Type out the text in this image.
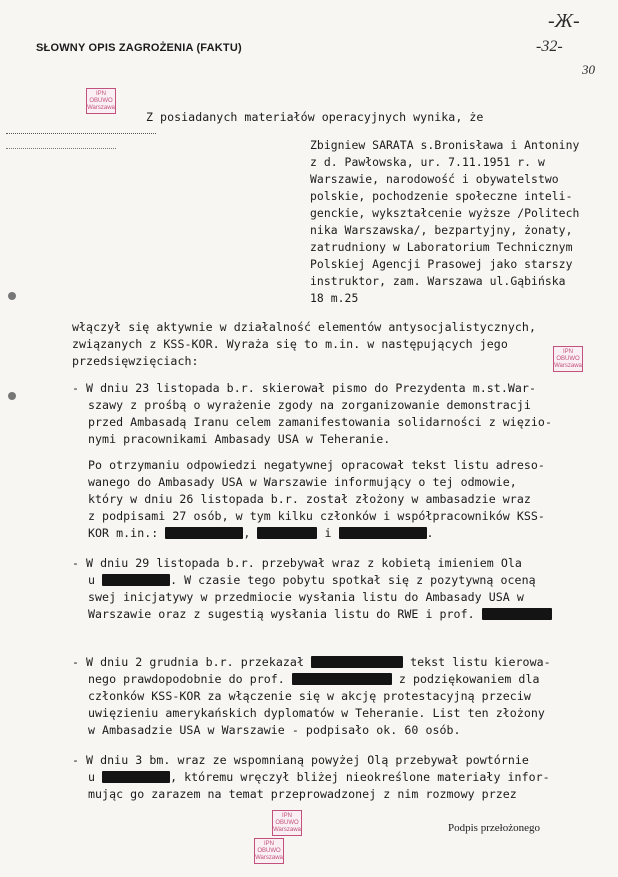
SŁOWNY OPIS ZAGROŻENIA (FAKTU)
-Ж-
-32-
30
IPN
OBUWO
Warszawa
IPN
OBUWO
Warszawa
IPN
OBUWO
Warszawa
IPN
OBUWO
Warszawa
Z posiadanych materiałów operacyjnych wynika, że
Zbigniew SARATA s.Bronisława i Antoniny
z d. Pawłowska, ur. 7.11.1951 r. w
Warszawie, narodowość i obywatelstwo
polskie, pochodzenie społeczne inteli-
genckie, wykształcenie wyższe /Politech
nika Warszawska/, bezpartyjny, żonaty,
zatrudniony w Laboratorium Technicznym
Polskiej Agencji Prasowej jako starszy
instruktor, zam. Warszawa ul.Gąbińska
18 m.25
włączył się aktywnie w działalność elementów antysocjalistycznych,
związanych z KSS-KOR. Wyraża się to m.in. w następujących jego
przedsięwzięciach:
- W dniu 23 listopada b.r. skierował pismo do Prezydenta m.st.War-
szawy z prośbą o wyrażenie zgody na zorganizowanie demonstracji
przed Ambasadą Iranu celem zamanifestowania solidarności z więzio-
nymi pracownikami Ambasady USA w Teheranie.
Po otrzymaniu odpowiedzi negatywnej opracował tekst listu adreso-
wanego do Ambasady USA w Warszawie informujący o tej odmowie,
który w dniu 26 listopada b.r. został złożony w ambasadzie wraz
z podpisami 27 osób, w tym kilku członków i współpracowników KSS-
KOR m.in.:	,	i	.
- W dniu 29 listopada b.r. przebywał wraz z kobietą imieniem Ola
u	. W czasie tego pobytu spotkał się z pozytywną oceną
swej inicjatywy w przedmiocie wysłania listu do Ambasady USA w
Warszawie oraz z sugestią wysłania listu do RWE i prof.
- W dniu 2 grudnia b.r. przekazał	tekst listu kierowa-
nego prawdopodobnie do prof.	z podziękowaniem dla
członków KSS-KOR za włączenie się w akcję protestacyjną przeciw
uwięzieniu amerykańskich dyplomatów w Teheranie. List ten złożony
w Ambasadzie USA w Warszawie - podpisało ok. 60 osób.
- W dniu 3 bm. wraz ze wspomnianą powyżej Olą przebywał powtórnie
u	, któremu wręczył bliżej nieokreślone materiały infor-
mując go zarazem na temat przeprowadzonej z nim rozmowy przez
Podpis przełożonego
